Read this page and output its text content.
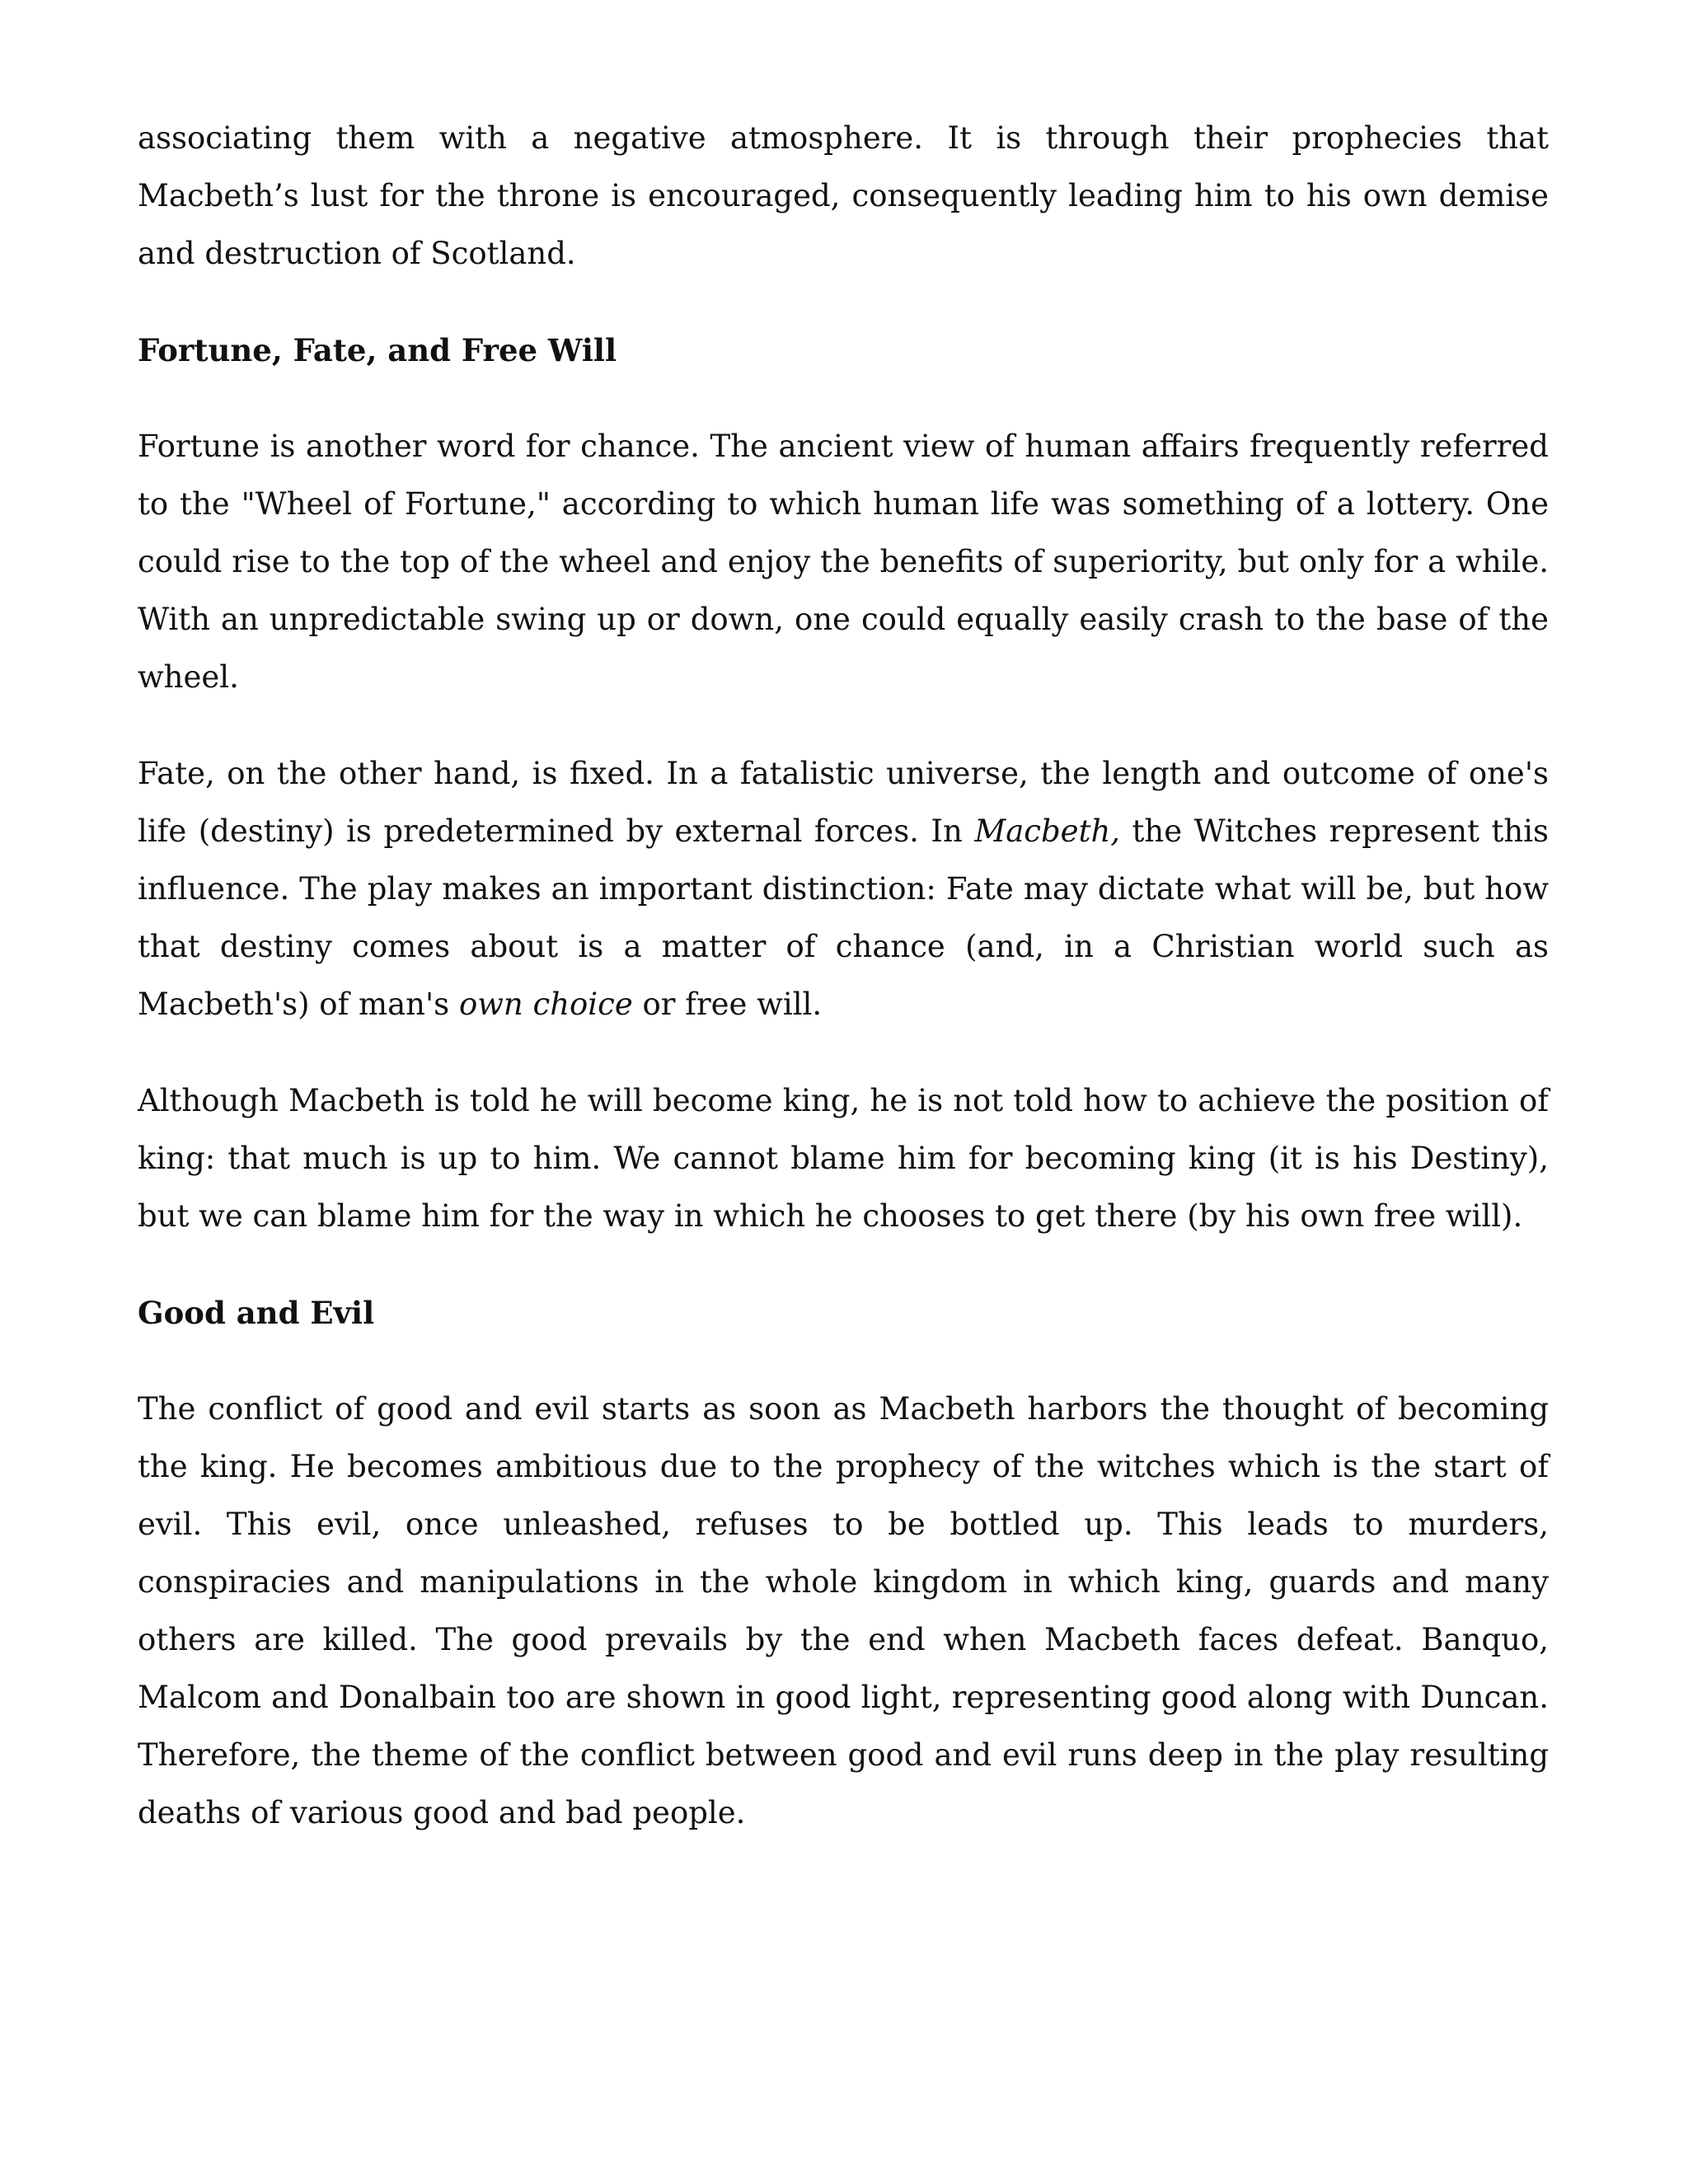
associating them with a negative atmosphere. It is through their prophecies that Macbeth’s lust for the throne is encouraged, consequently leading him to his own demise and destruction of Scotland.

Fortune, Fate, and Free Will

Fortune is another word for chance. The ancient view of human affairs frequently referred to the "Wheel of Fortune," according to which human life was something of a lottery. One could rise to the top of the wheel and enjoy the benefits of superiority, but only for a while. With an unpredictable swing up or down, one could equally easily crash to the base of the wheel.

Fate, on the other hand, is fixed. In a fatalistic universe, the length and outcome of one's life (destiny) is predetermined by external forces. In Macbeth, the Witches represent this influence. The play makes an important distinction: Fate may dictate what will be, but how that destiny comes about is a matter of chance (and, in a Christian world such as Macbeth's) of man's own choice or free will.

Although Macbeth is told he will become king, he is not told how to achieve the position of king: that much is up to him. We cannot blame him for becoming king (it is his Destiny), but we can blame him for the way in which he chooses to get there (by his own free will).

Good and Evil

The conflict of good and evil starts as soon as Macbeth harbors the thought of becoming the king. He becomes ambitious due to the prophecy of the witches which is the start of evil. This evil, once unleashed, refuses to be bottled up. This leads to murders, conspiracies and manipulations in the whole kingdom in which king, guards and many others are killed. The good prevails by the end when Macbeth faces defeat. Banquo, Malcom and Donalbain too are shown in good light, representing good along with Duncan. Therefore, the theme of the conflict between good and evil runs deep in the play resulting deaths of various good and bad people.
